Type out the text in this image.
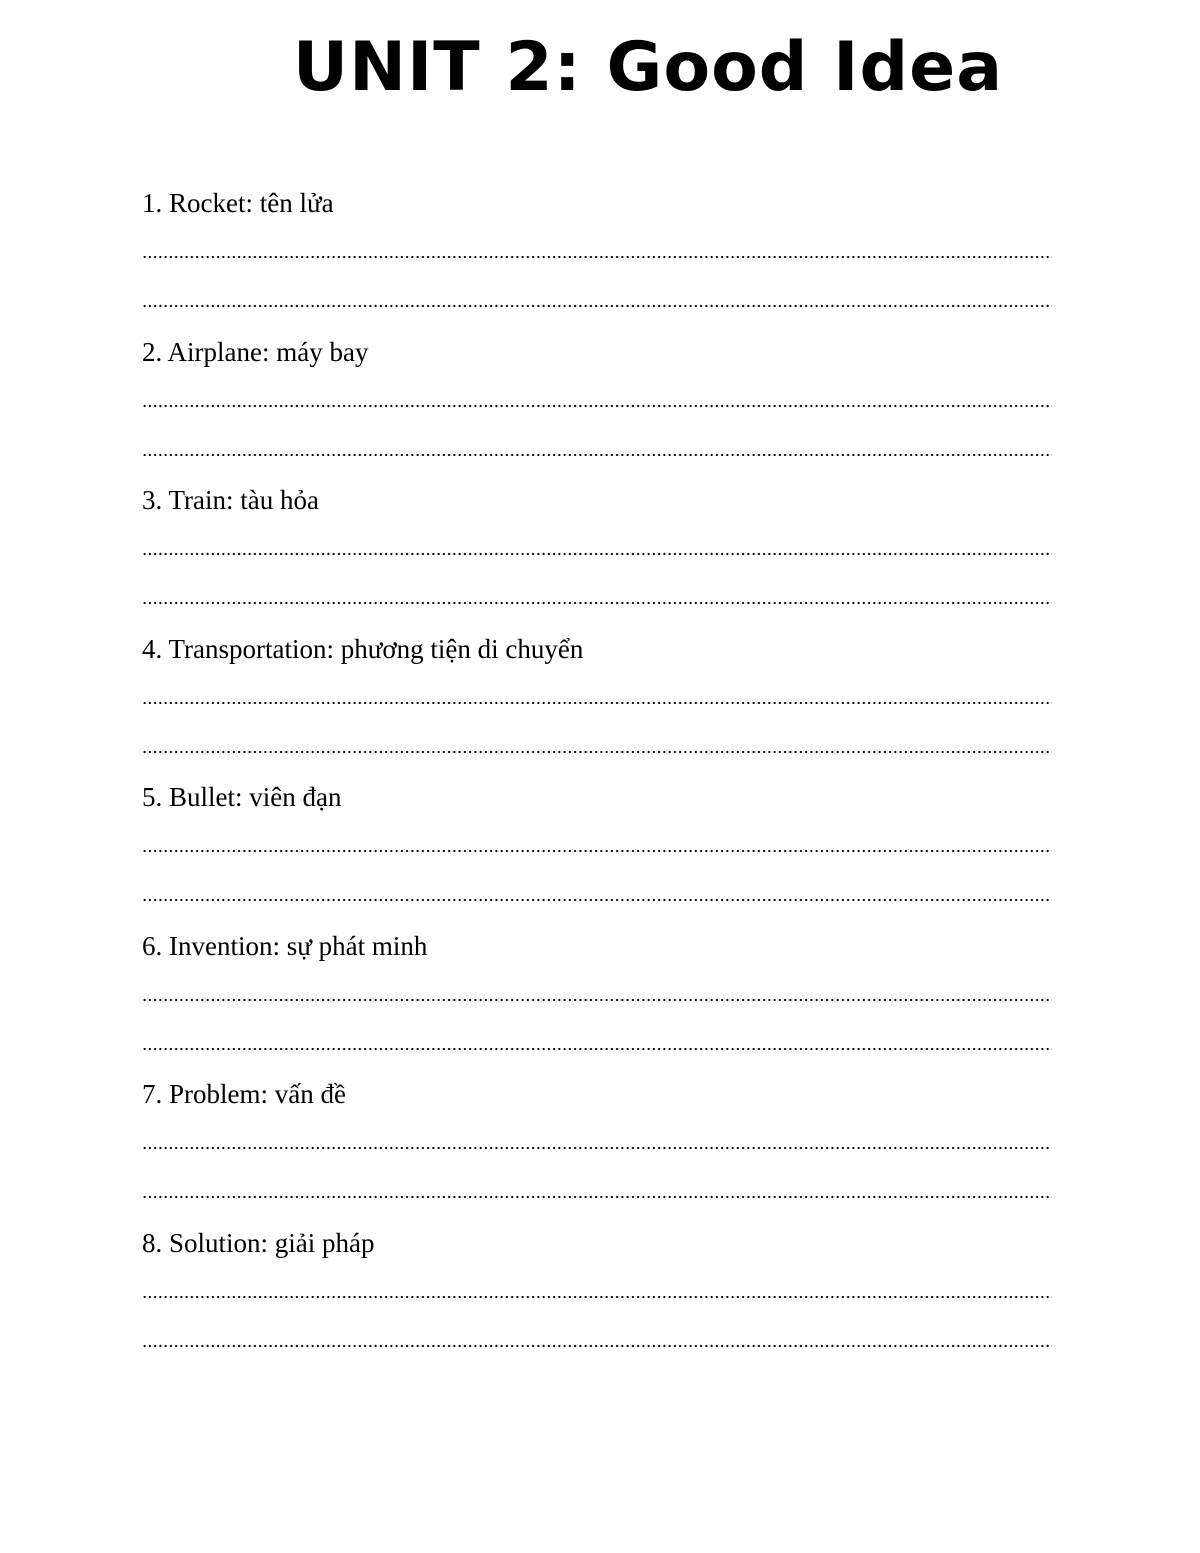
UNIT 2: Good Idea
1. Rocket: tên lửa
2. Airplane: máy bay
3. Train: tàu hỏa
4. Transportation: phương tiện di chuyển
5. Bullet: viên đạn
6. Invention: sự phát minh
7. Problem: vấn đề
8. Solution: giải pháp
